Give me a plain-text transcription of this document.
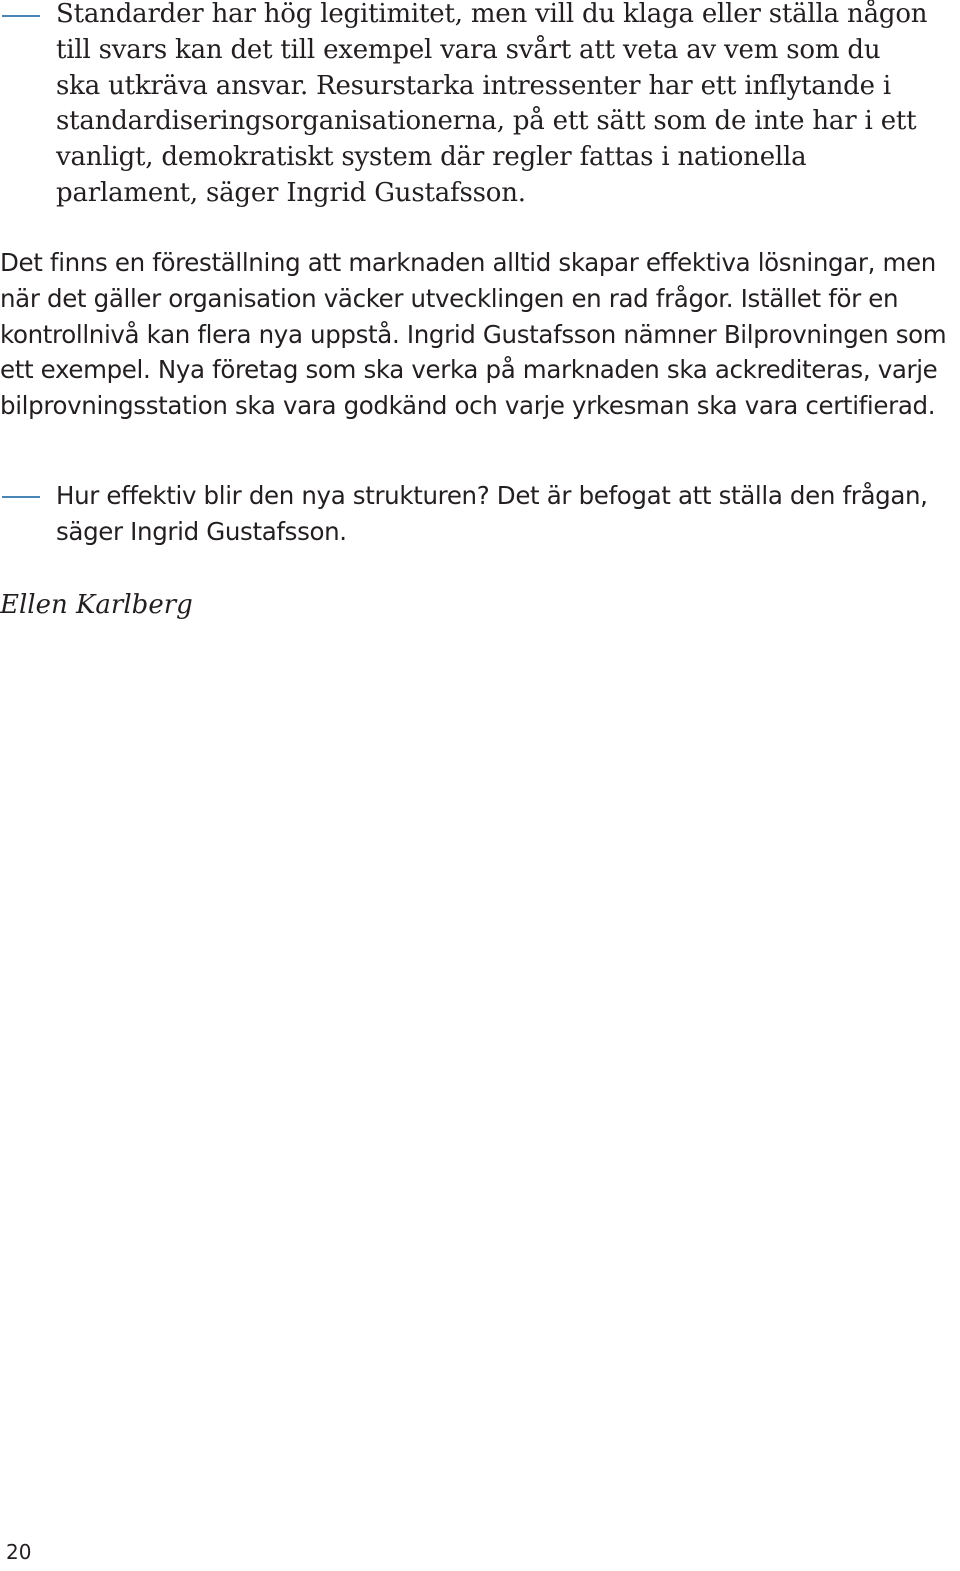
Standarder har hög legitimitet, men vill du klaga eller ställa någon till svars kan det till exempel vara svårt att veta av vem som du ska utkräva ansvar. Resurstarka intressenter har ett inflytande i standardiseringsorganisationerna, på ett sätt som de inte har i ett vanligt, demokratiskt system där regler fattas i nationella parlament, säger Ingrid Gustafsson.

Det finns en föreställning att marknaden alltid skapar effektiva lösningar, men när det gäller organisation väcker utvecklingen en rad frågor. Istället för en kontrollnivå kan flera nya uppstå. Ingrid Gustafsson nämner Bilprovningen som ett exempel. Nya företag som ska verka på marknaden ska ackrediteras, varje bilprovningsstation ska vara godkänd och varje yrkesman ska vara certifierad.

Hur effektiv blir den nya strukturen? Det är befogat att ställa den frågan, säger Ingrid Gustafsson.

Ellen Karlberg

20
